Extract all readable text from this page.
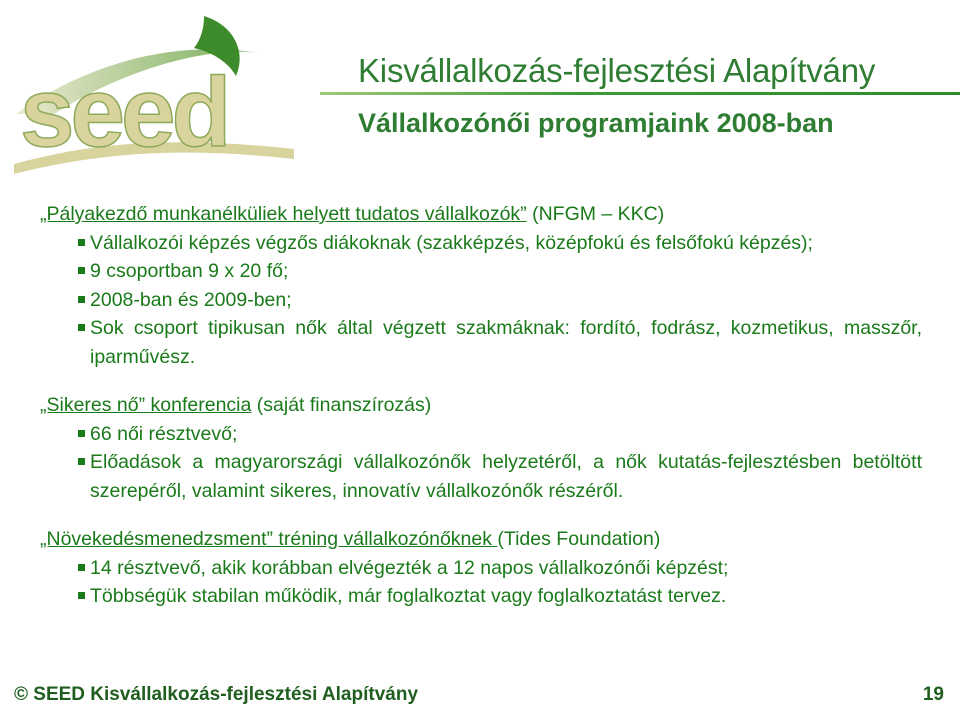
seed	Kisvállalkozás-fejlesztési Alapítvány
Vállalkozónői programjaink 2008-ban
„Pályakezdő munkanélküliek helyett tudatos vállalkozók” (NFGM – KKC)
Vállalkozói képzés végzős diákoknak (szakképzés, középfokú és felsőfokú képzés);
9 csoportban 9 x 20 fő;
2008-ban és 2009-ben;
Sok csoport tipikusan nők által végzett szakmáknak: fordító, fodrász, kozmetikus, masszőr, iparművész.
„Sikeres nő” konferencia (saját finanszírozás)
66 női résztvevő;
Előadások a magyarországi vállalkozónők helyzetéről, a nők kutatás-fejlesztésben betöltött szerepéről, valamint sikeres, innovatív vállalkozónők részéről.
„Növekedésmenedzsment” tréning vállalkozónőknek (Tides Foundation)
14 résztvevő, akik korábban elvégezték a 12 napos vállalkozónői képzést;
Többségük stabilan működik, már foglalkoztat vagy foglalkoztatást tervez.
© SEED Kisvállalkozás-fejlesztési Alapítvány	19
